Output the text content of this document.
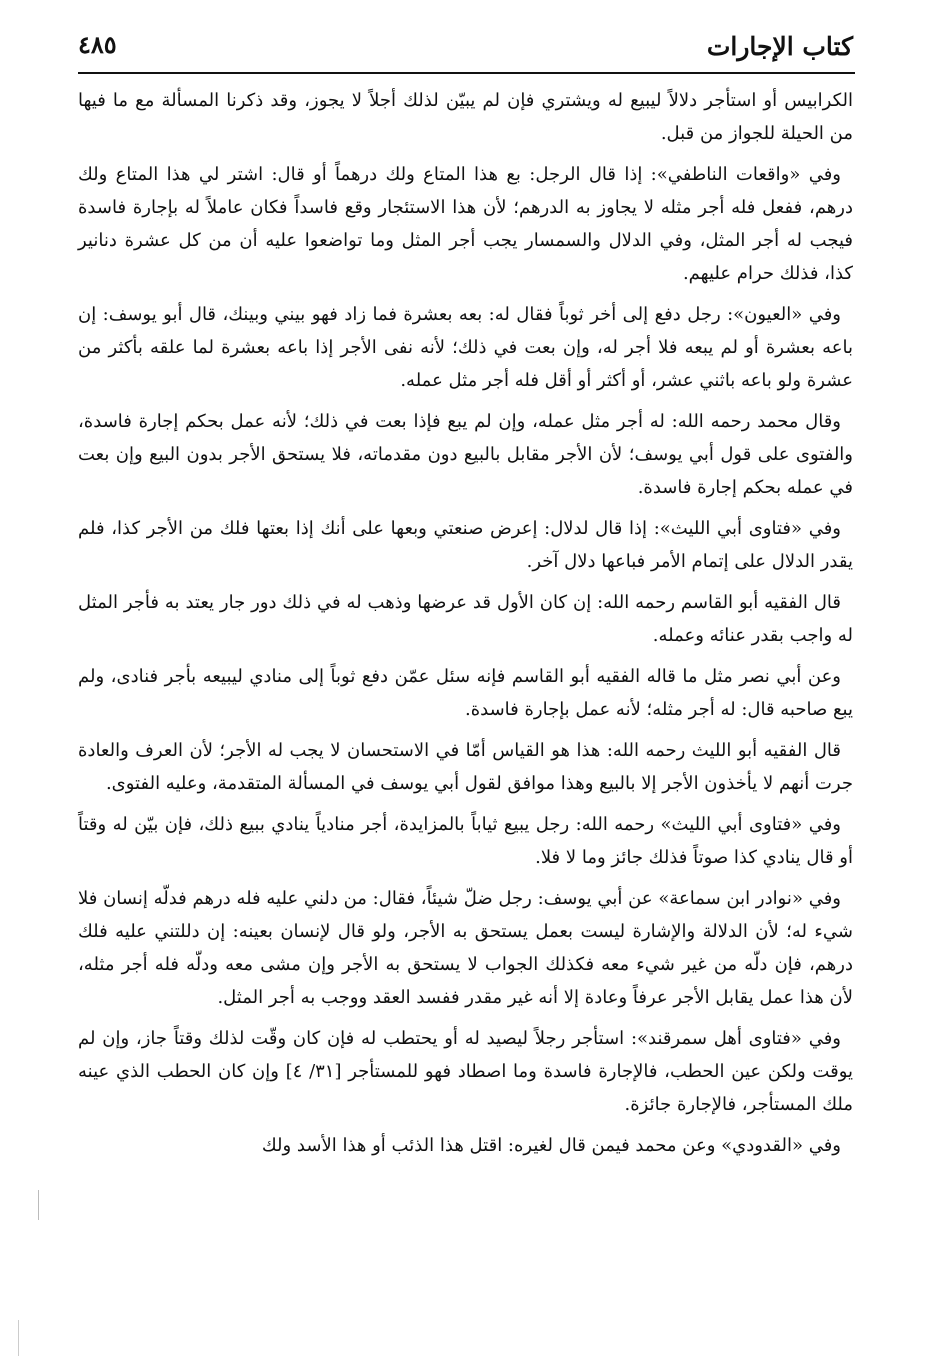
كتاب الإجارات
٤٨٥

الكرابيس أو استأجر دلالاً ليبيع له ويشتري فإن لم يبيّن لذلك أجلاً لا يجوز، وقد ذكرنا المسألة مع ما فيها من الحيلة للجواز من قبل.

وفي «واقعات الناطفي»: إذا قال الرجل: بع هذا المتاع ولك درهماً أو قال: اشتر لي هذا المتاع ولك درهم، ففعل فله أجر مثله لا يجاوز به الدرهم؛ لأن هذا الاستئجار وقع فاسداً فكان عاملاً له بإجارة فاسدة فيجب له أجر المثل، وفي الدلال والسمسار يجب أجر المثل وما تواضعوا عليه أن من كل عشرة دنانير كذا، فذلك حرام عليهم.

وفي «العيون»: رجل دفع إلى أخر ثوباً فقال له: بعه بعشرة فما زاد فهو بيني وبينك، قال أبو يوسف: إن باعه بعشرة أو لم يبعه فلا أجر له، وإن بعت في ذلك؛ لأنه نفى الأجر إذا باعه بعشرة لما علقه بأكثر من عشرة ولو باعه باثني عشر، أو أكثر أو أقل فله أجر مثل عمله.

وقال محمد رحمه الله: له أجر مثل عمله، وإن لم يبع فإذا بعت في ذلك؛ لأنه عمل بحكم إجارة فاسدة، والفتوى على قول أبي يوسف؛ لأن الأجر مقابل بالبيع دون مقدماته، فلا يستحق الأجر بدون البيع وإن بعت في عمله بحكم إجارة فاسدة.

وفي «فتاوى أبي الليث»: إذا قال لدلال: إعرض صنعتي وبعها على أنك إذا بعتها فلك من الأجر كذا، فلم يقدر الدلال على إتمام الأمر فباعها دلال آخر.

قال الفقيه أبو القاسم رحمه الله: إن كان الأول قد عرضها وذهب له في ذلك دور جار يعتد به فأجر المثل له واجب بقدر عنائه وعمله.

وعن أبي نصر مثل ما قاله الفقيه أبو القاسم فإنه سئل عمّن دفع ثوباً إلى منادي ليبيعه بأجر فنادى، ولم يبع صاحبه قال: له أجر مثله؛ لأنه عمل بإجارة فاسدة.

قال الفقيه أبو الليث رحمه الله: هذا هو القياس أمّا في الاستحسان لا يجب له الأجر؛ لأن العرف والعادة جرت أنهم لا يأخذون الأجر إلا بالبيع وهذا موافق لقول أبي يوسف في المسألة المتقدمة، وعليه الفتوى.

وفي «فتاوى أبي الليث» رحمه الله: رجل يبيع ثياباً بالمزايدة، أجر منادياً ينادي ببيع ذلك، فإن بيّن له وقتاً أو قال ينادي كذا صوتاً فذلك جائز وما لا فلا.

وفي «نوادر ابن سماعة» عن أبي يوسف: رجل ضلّ شيئاً، فقال: من دلني عليه فله درهم فدلّه إنسان فلا شيء له؛ لأن الدلالة والإشارة ليست بعمل يستحق به الأجر، ولو قال لإنسان بعينه: إن دللتني عليه فلك درهم، فإن دلّه من غير شيء معه فكذلك الجواب لا يستحق به الأجر وإن مشى معه ودلّه فله أجر مثله، لأن هذا عمل يقابل الأجر عرفاً وعادة إلا أنه غير مقدر ففسد العقد ووجب به أجر المثل.

وفي «فتاوى أهل سمرقند»: استأجر رجلاً ليصيد له أو يحتطب له فإن كان وقّت لذلك وقتاً جاز، وإن لم يوقت ولكن عين الحطب، فالإجارة فاسدة وما اصطاد فهو للمستأجر [٣١/ ٤] وإن كان الحطب الذي عينه ملك المستأجر، فالإجارة جائزة.

وفي «القدودي» وعن محمد فيمن قال لغيره: اقتل هذا الذئب أو هذا الأسد ولك
